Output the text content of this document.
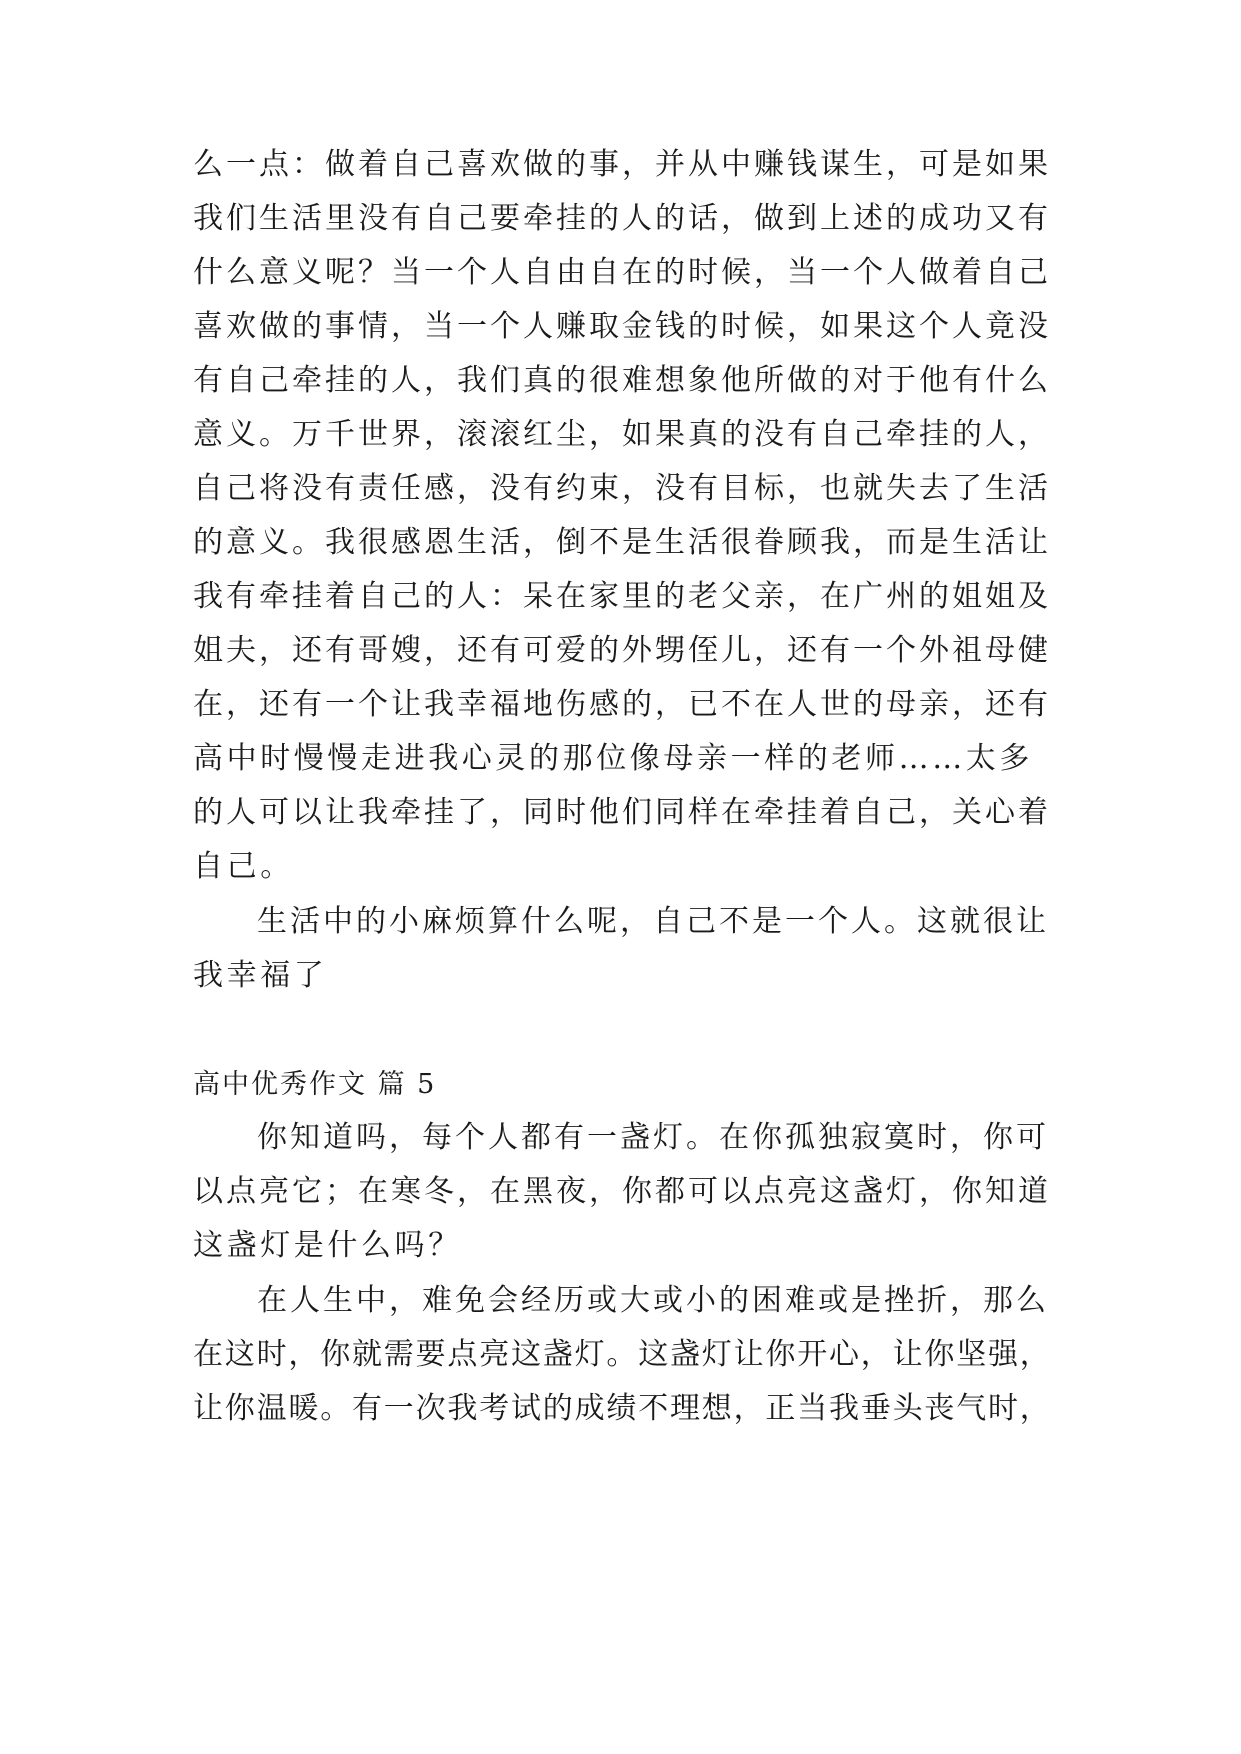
么一点：做着自己喜欢做的事，并从中赚钱谋生，可是如果
我们生活里没有自己要牵挂的人的话，做到上述的成功又有
什么意义呢？当一个人自由自在的时候，当一个人做着自己
喜欢做的事情，当一个人赚取金钱的时候，如果这个人竟没
有自己牵挂的人，我们真的很难想象他所做的对于他有什么
意义。万千世界，滚滚红尘，如果真的没有自己牵挂的人，
自己将没有责任感，没有约束，没有目标，也就失去了生活
的意义。我很感恩生活，倒不是生活很眷顾我，而是生活让
我有牵挂着自己的人：呆在家里的老父亲，在广州的姐姐及
姐夫，还有哥嫂，还有可爱的外甥侄儿，还有一个外祖母健
在，还有一个让我幸福地伤感的，已不在人世的母亲，还有
高中时慢慢走进我心灵的那位像母亲一样的老师……太多
的人可以让我牵挂了，同时他们同样在牵挂着自己，关心着
自己。
生活中的小麻烦算什么呢，自己不是一个人。这就很让
我幸福了
高中优秀作文 篇 5
你知道吗，每个人都有一盏灯。在你孤独寂寞时，你可
以点亮它；在寒冬，在黑夜，你都可以点亮这盏灯，你知道
这盏灯是什么吗？
在人生中，难免会经历或大或小的困难或是挫折，那么
在这时，你就需要点亮这盏灯。这盏灯让你开心，让你坚强，
让你温暖。有一次我考试的成绩不理想，正当我垂头丧气时，
